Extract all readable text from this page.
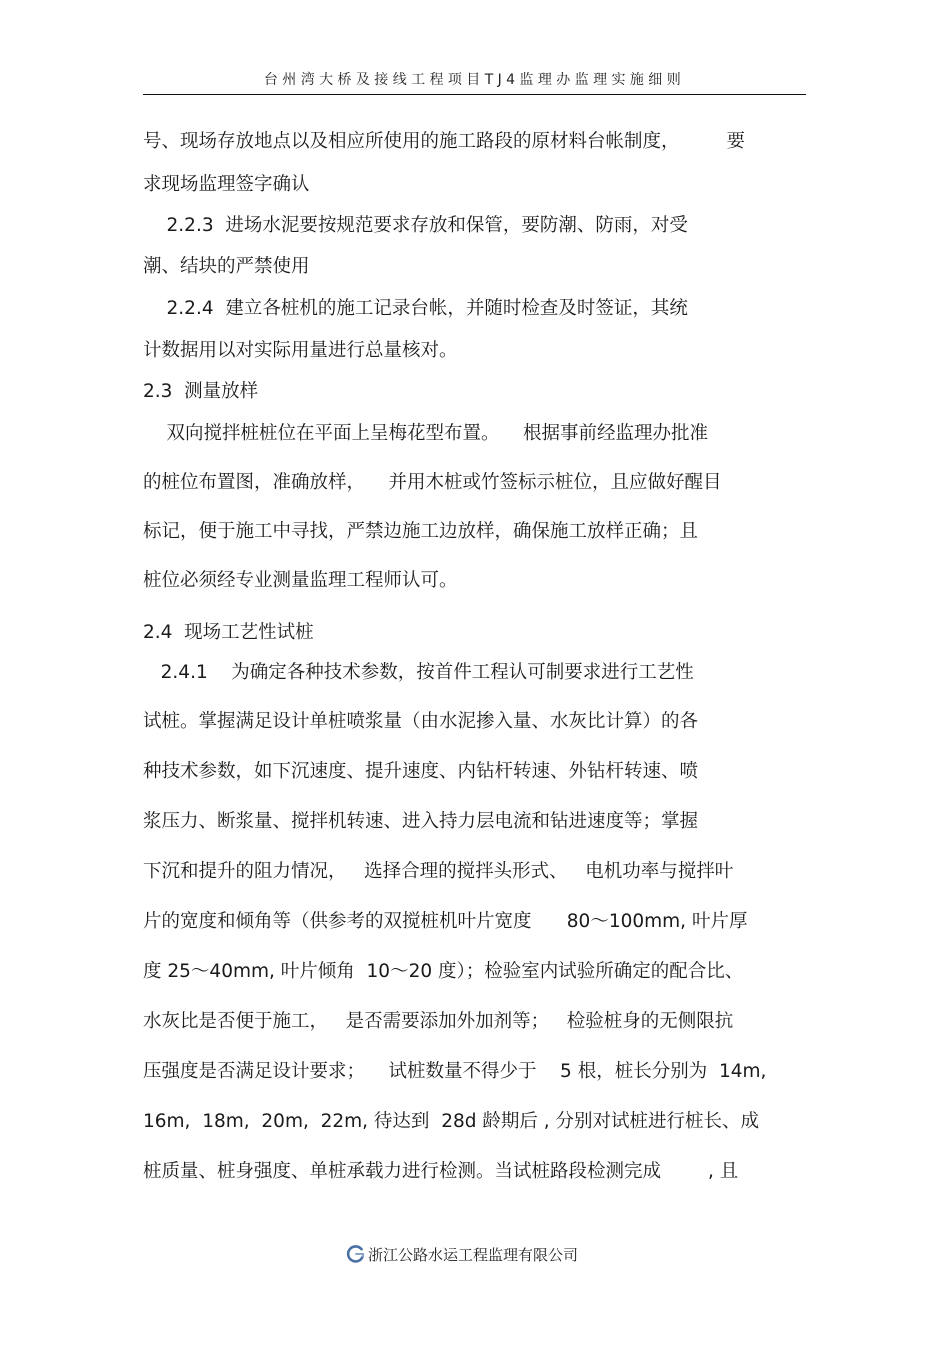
台州湾大桥及接线工程项目TJ4监理办监理实施细则
号、现场存放地点以及相应所使用的施工路段的原材料台帐制度，        要
求现场监理签字确认
2.2.3  进场水泥要按规范要求存放和保管，要防潮、防雨，对受
潮、结块的严禁使用
2.2.4  建立各桩机的施工记录台帐，并随时检查及时签证，其统
计数据用以对实际用量进行总量核对。
2.3  测量放样
双向搅拌桩桩位在平面上呈梅花型布置。    根据事前经监理办批准
的桩位布置图，准确放样，    并用木桩或竹签标示桩位，且应做好醒目
标记，便于施工中寻找，严禁边施工边放样，确保施工放样正确；且
桩位必须经专业测量监理工程师认可。
2.4  现场工艺性试桩
2.4.1    为确定各种技术参数，按首件工程认可制要求进行工艺性
试桩。掌握满足设计单桩喷浆量（由水泥掺入量、水灰比计算）的各
种技术参数，如下沉速度、提升速度、内钻杆转速、外钻杆转速、喷
浆压力、断浆量、搅拌机转速、进入持力层电流和钻进速度等；掌握
下沉和提升的阻力情况，   选择合理的搅拌头形式、   电机功率与搅拌叶
片的宽度和倾角等（供参考的双搅桩机叶片宽度      80～100mm, 叶片厚
度 25～40mm, 叶片倾角  10～20 度）；检验室内试验所确定的配合比、
水灰比是否便于施工，   是否需要添加外加剂等；   检验桩身的无侧限抗
压强度是否满足设计要求；    试桩数量不得少于    5 根，桩长分别为  14m,
16m,  18m,  20m,  22m, 待达到  28d 龄期后 , 分别对试桩进行桩长、成
桩质量、桩身强度、单桩承载力进行检测。当试桩路段检测完成        , 且
浙江公路水运工程监理有限公司
